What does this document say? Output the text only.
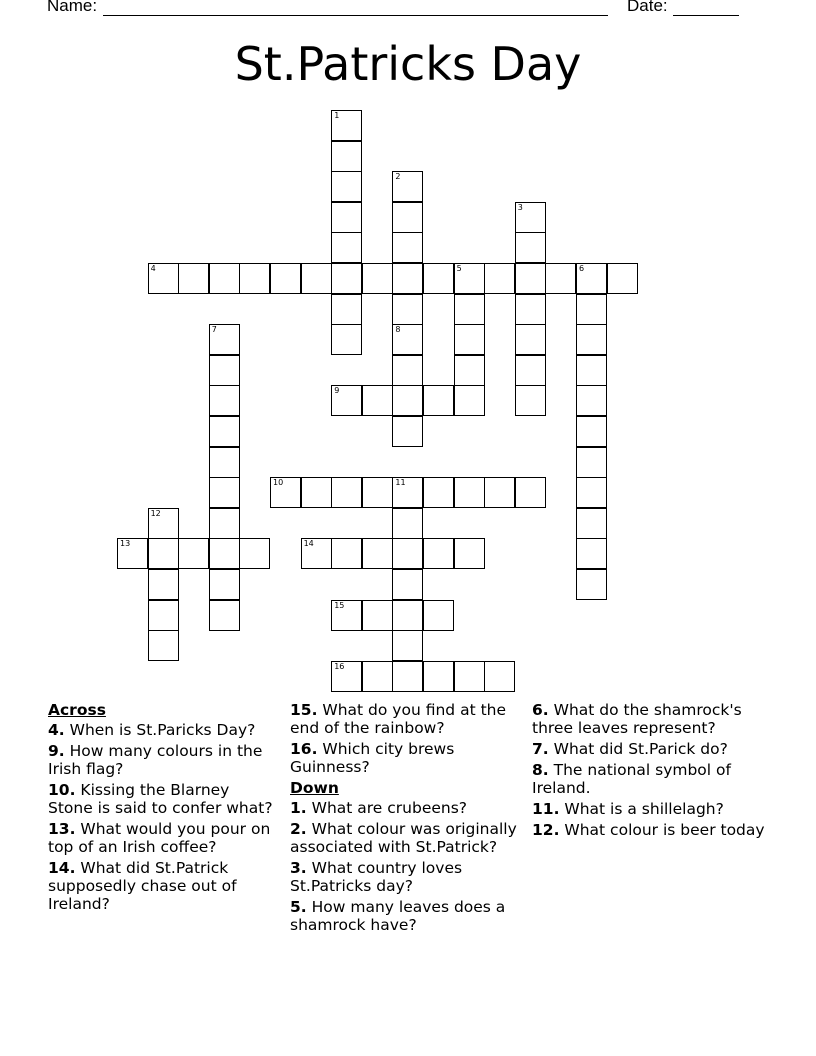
Name:	Date:
St.Patricks Day
1
2
3
4	5	6
7	8
9
10	11
12
13	14
15
16
Across
4. When is St.Paricks Day?
9. How many colours in the Irish flag?
10. Kissing the Blarney Stone is said to confer what?
13. What would you pour on top of an Irish coffee?
14. What did St.Patrick supposedly chase out of Ireland?
15. What do you find at the end of the rainbow?
16. Which city brews Guinness?
Down
1. What are crubeens?
2. What colour was originally associated with St.Patrick?
3. What country loves St.Patricks day?
5. How many leaves does a shamrock have?
6. What do the shamrock's three leaves represent?
7. What did St.Parick do?
8. The national symbol of Ireland.
11. What is a shillelagh?
12. What colour is beer today
